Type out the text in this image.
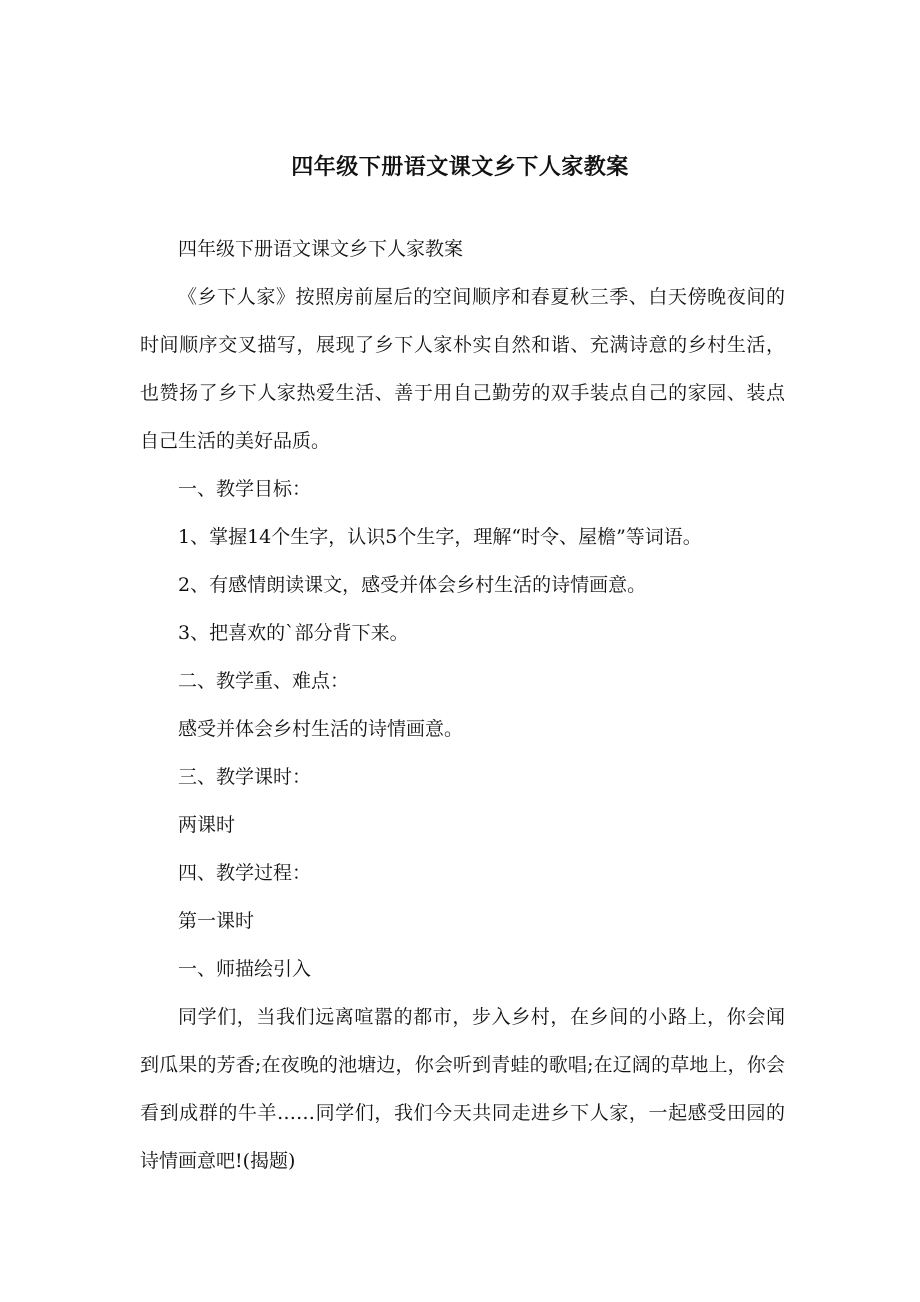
四年级下册语文课文乡下人家教案

四年级下册语文课文乡下人家教案

《乡下人家》按照房前屋后的空间顺序和春夏秋三季、白天傍晚夜间的时间顺序交叉描写，展现了乡下人家朴实自然和谐、充满诗意的乡村生活，也赞扬了乡下人家热爱生活、善于用自己勤劳的双手装点自己的家园、装点自己生活的美好品质。

一、教学目标：

1、掌握14个生字，认识5个生字，理解“时令、屋檐”等词语。

2、有感情朗读课文，感受并体会乡村生活的诗情画意。

3、把喜欢的`部分背下来。

二、教学重、难点：

感受并体会乡村生活的诗情画意。

三、教学课时：

两课时

四、教学过程：

第一课时

一、师描绘引入

同学们，当我们远离喧嚣的都市，步入乡村，在乡间的小路上，你会闻到瓜果的芳香;在夜晚的池塘边，你会听到青蛙的歌唱;在辽阔的草地上，你会看到成群的牛羊……同学们，我们今天共同走进乡下人家，一起感受田园的诗情画意吧!(揭题)
